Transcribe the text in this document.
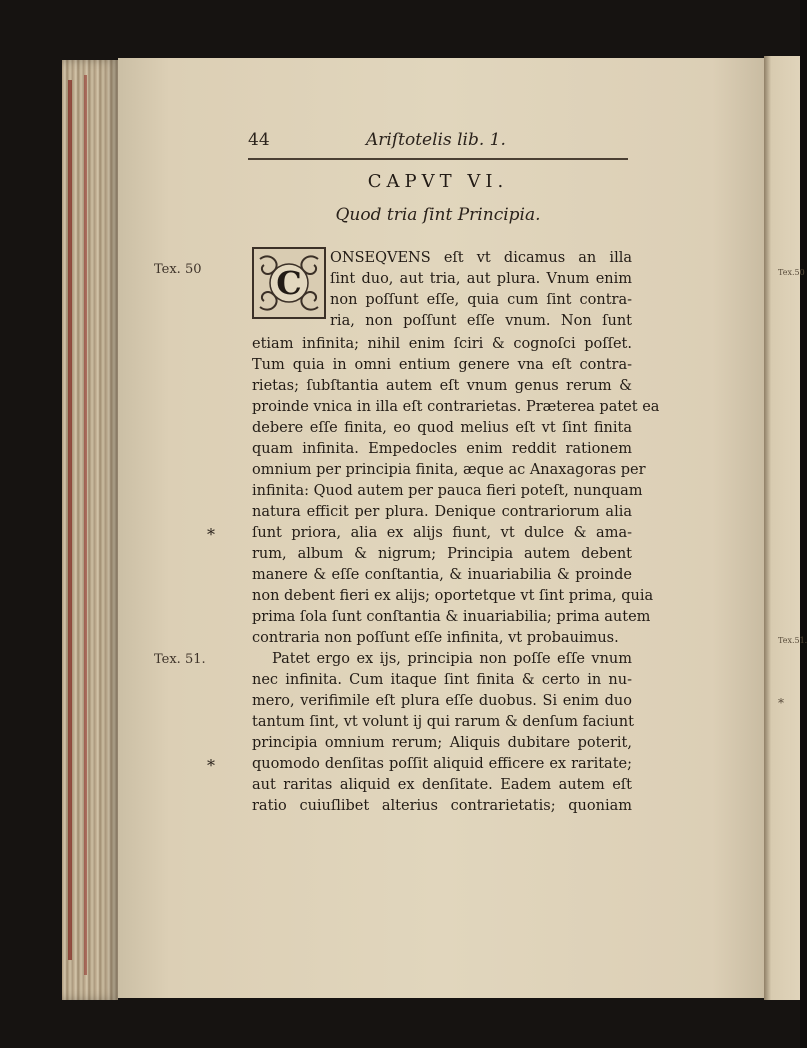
Tex.50
Tex.51.
*
44	Ariſtotelis lib. 1.
CAPVT VI.
Quod tria ſint Principia.
C
ONSEQVENS eſt vt dicamus an illa
ſint duo, aut tria, aut plura. Vnum enim
non poſſunt eſſe, quia cum ſint contra-
ria, non poſſunt eſſe vnum. Non ſunt
etiam infinita; nihil enim ſciri & cognoſci poſſet.
Tum quia in omni entium genere vna eſt contra-
rietas; ſubſtantia autem eſt vnum genus rerum &
proinde vnica in illa eſt contrarietas. Præterea patet ea
debere eſſe finita, eo quod melius eſt vt ſint finita
quam infinita. Empedocles enim reddit rationem
omnium per principia finita, æque ac Anaxagoras per
infinita: Quod autem per pauca fieri poteſt, nunquam
natura efficit per plura. Denique contrariorum alia
ſunt priora, alia ex alijs fiunt, vt dulce & ama-
rum, album & nigrum; Principia autem debent
manere & eſſe conſtantia, & inuariabilia & proinde
non debent fieri ex alijs; oportetque vt ſint prima, quia
prima ſola ſunt conſtantia & inuariabilia; prima autem
contraria non poſſunt eſſe infinita, vt probauimus.
Patet ergo ex ijs, principia non poſſe eſſe vnum
nec infinita. Cum itaque ſint finita & certo in nu-
mero, verifimile eſt plura eſſe duobus. Si enim duo
tantum ſint, vt volunt ij qui rarum & denſum faciunt
principia omnium rerum; Aliquis dubitare poterit,
quomodo denſitas poſſit aliquid efficere ex raritate;
aut raritas aliquid ex denſitate. Eadem autem eſt
ratio cuiuſlibet alterius contrarietatis; quoniam
Tex. 50
Tex. 51.
*
*
